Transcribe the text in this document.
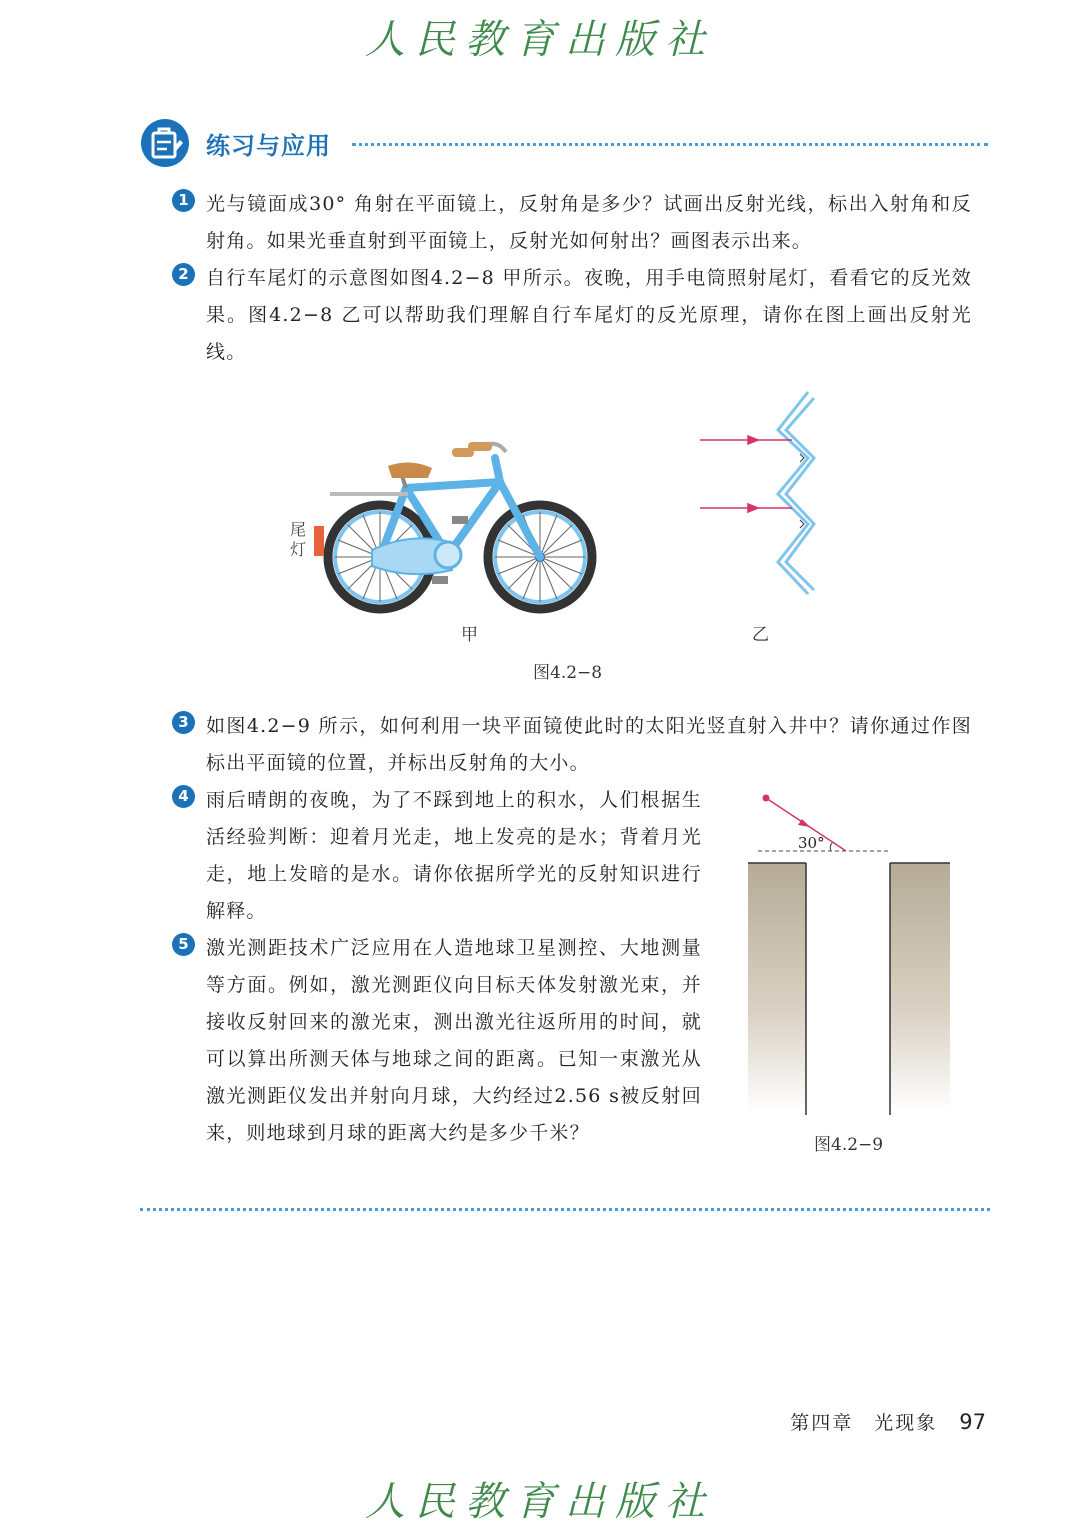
人民教育出版社
练习与应用
1 光与镜面成30° 角射在平面镜上，反射角是多少？试画出反射光线，标出入射角和反射角。如果光垂直射到平面镜上，反射光如何射出？画图表示出来。
2 自行车尾灯的示意图如图4.2−8 甲所示。夜晚，用手电筒照射尾灯，看看它的反光效果。图4.2−8 乙可以帮助我们理解自行车尾灯的反光原理，请你在图上画出反射光线。
尾灯
甲	乙
图4.2−8
3 如图4.2−9 所示，如何利用一块平面镜使此时的太阳光竖直射入井中？请你通过作图标出平面镜的位置，并标出反射角的大小。
4 雨后晴朗的夜晚，为了不踩到地上的积水，人们根据生活经验判断：迎着月光走，地上发亮的是水；背着月光走，地上发暗的是水。请你依据所学光的反射知识进行解释。
5 激光测距技术广泛应用在人造地球卫星测控、大地测量等方面。例如，激光测距仪向目标天体发射激光束，并接收反射回来的激光束，测出激光往返所用的时间，就可以算出所测天体与地球之间的距离。已知一束激光从激光测距仪发出并射向月球，大约经过2.56 s被反射回来，则地球到月球的距离大约是多少千米？
30°
图4.2−9
第四章　光现象 97
人民教育出版社
